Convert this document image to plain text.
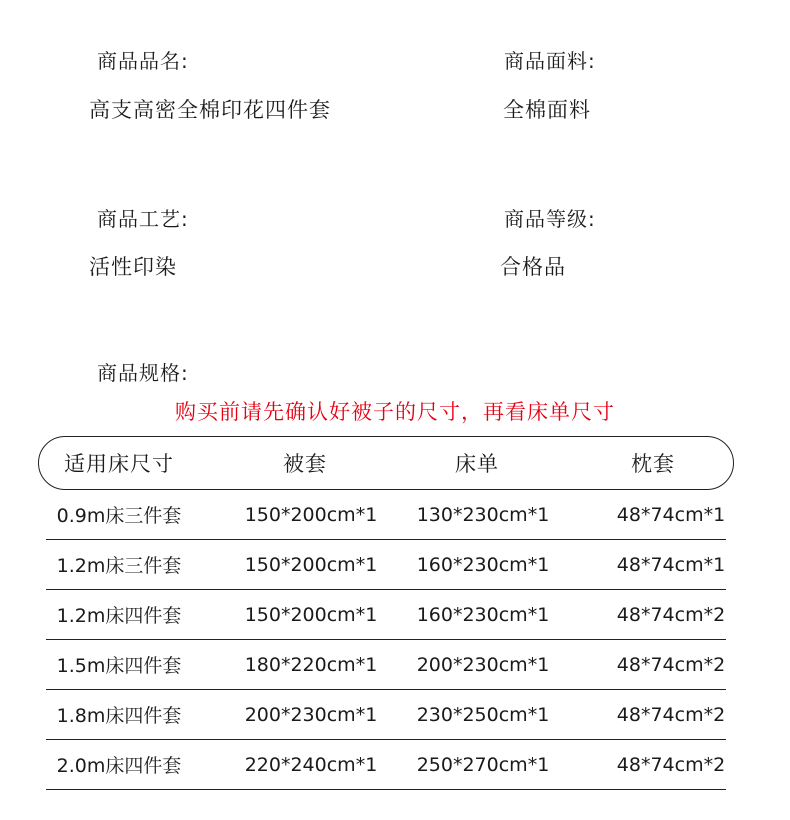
商品品名:
高支高密全棉印花四件套
商品面料:
全棉面料
商品工艺:
活性印染
商品等级:
合格品
商品规格:
购买前请先确认好被子的尺寸，再看床单尺寸
适用床尺寸	被套	床单	枕套
0.9m床三件套	150*200cm*1	130*230cm*1	48*74cm*1
1.2m床三件套	150*200cm*1	160*230cm*1	48*74cm*1
1.2m床四件套	150*200cm*1	160*230cm*1	48*74cm*2
1.5m床四件套	180*220cm*1	200*230cm*1	48*74cm*2
1.8m床四件套	200*230cm*1	230*250cm*1	48*74cm*2
2.0m床四件套	220*240cm*1	250*270cm*1	48*74cm*2
